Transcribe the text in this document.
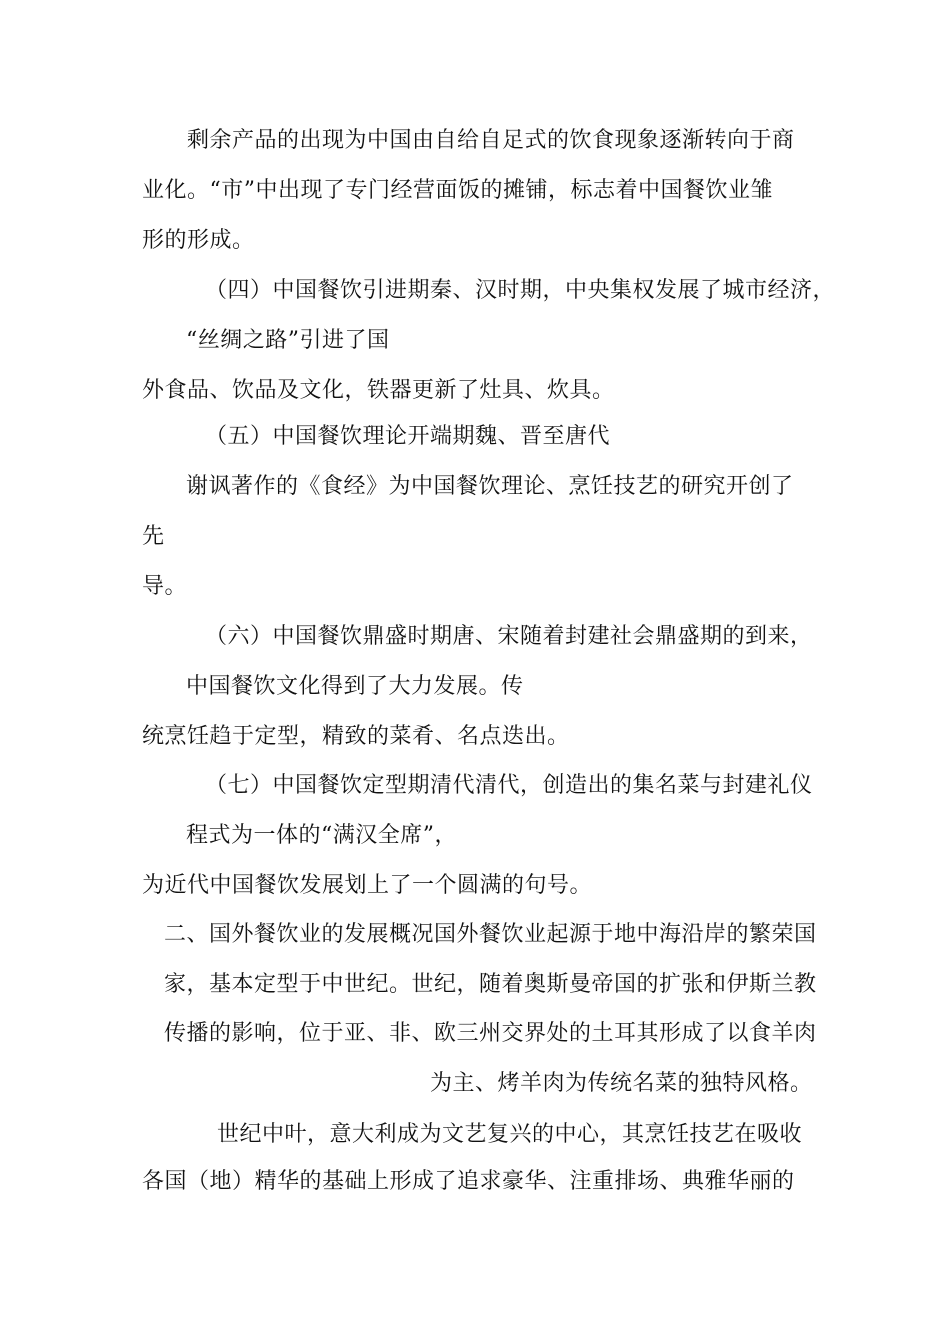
剩余产品的出现为中国由自给自足式的饮食现象逐渐转向于商
业化。“市”中出现了专门经营面饭的摊铺，标志着中国餐饮业雏
形的形成。
（四）中国餐饮引进期秦、汉时期，中央集权发展了城市经济，
“丝绸之路”引进了国
外食品、饮品及文化，铁器更新了灶具、炊具。
（五）中国餐饮理论开端期魏、晋至唐代
谢讽著作的《食经》为中国餐饮理论、烹饪技艺的研究开创了
先
导。
（六）中国餐饮鼎盛时期唐、宋随着封建社会鼎盛期的到来，
中国餐饮文化得到了大力发展。传
统烹饪趋于定型，精致的菜肴、名点迭出。
（七）中国餐饮定型期清代清代，创造出的集名菜与封建礼仪
程式为一体的“满汉全席”，
为近代中国餐饮发展划上了一个圆满的句号。
二、国外餐饮业的发展概况国外餐饮业起源于地中海沿岸的繁荣国
家，基本定型于中世纪。世纪，随着奥斯曼帝国的扩张和伊斯兰教
传播的影响，位于亚、非、欧三州交界处的土耳其形成了以食羊肉
为主、烤羊肉为传统名菜的独特风格。
世纪中叶，意大利成为文艺复兴的中心，其烹饪技艺在吸收
各国（地）精华的基础上形成了追求豪华、注重排场、典雅华丽的
